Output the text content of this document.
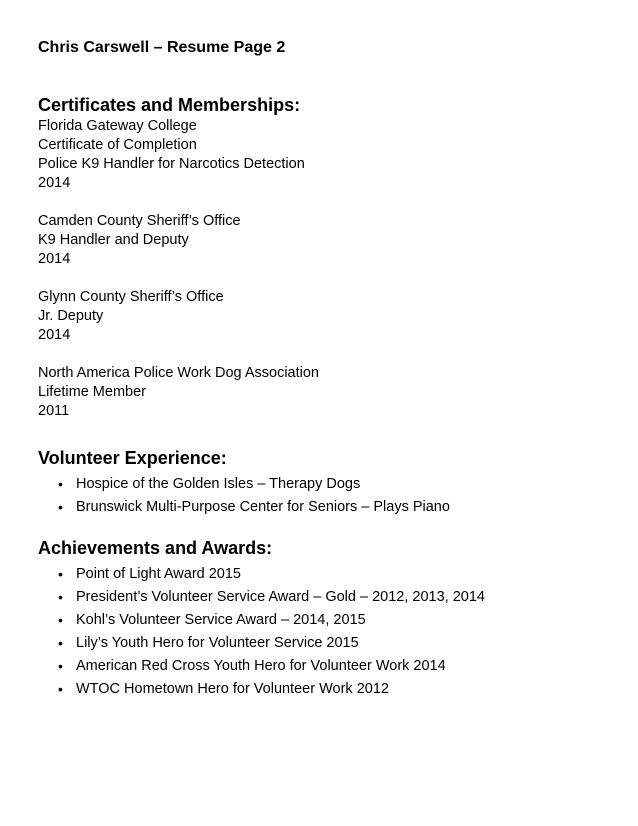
Chris Carswell – Resume Page 2
Certificates and Memberships:
Florida Gateway College
Certificate of Completion
Police K9 Handler for Narcotics Detection
2014
Camden County Sheriff’s Office
K9 Handler and Deputy
2014
Glynn County Sheriff’s Office
Jr. Deputy
2014
North America Police Work Dog Association
Lifetime Member
2011
Volunteer Experience:
• Hospice of the Golden Isles – Therapy Dogs
• Brunswick Multi-Purpose Center for Seniors – Plays Piano
Achievements and Awards:
• Point of Light Award 2015
• President’s Volunteer Service Award – Gold – 2012, 2013, 2014
• Kohl’s Volunteer Service Award – 2014, 2015
• Lily’s Youth Hero for Volunteer Service 2015
• American Red Cross Youth Hero for Volunteer Work 2014
• WTOC Hometown Hero for Volunteer Work 2012
